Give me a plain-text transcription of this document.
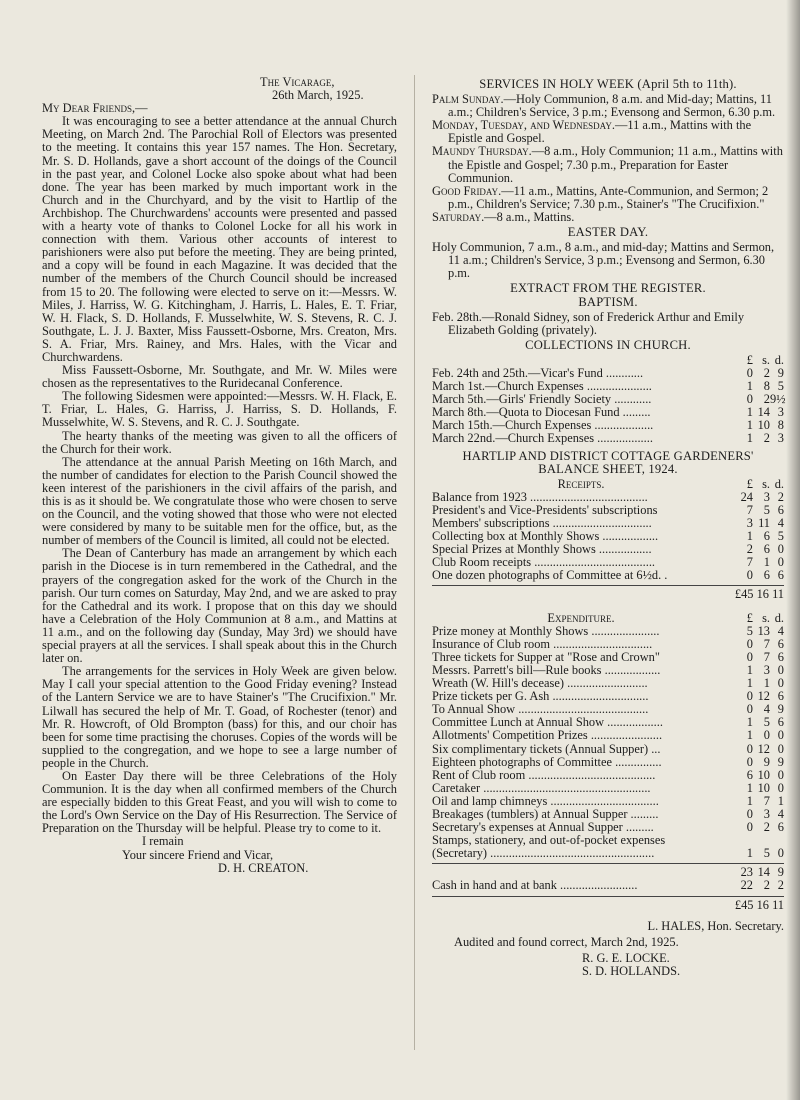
The Vicarage,

26th March, 1925.

My Dear Friends,—

It was encouraging to see a better attendance at the annual Church Meeting, on March 2nd. The Parochial Roll of Electors was presented to the meeting. It contains this year 157 names. The Hon. Secretary, Mr. S. D. Hollands, gave a short account of the doings of the Council in the past year, and Colonel Locke also spoke about what had been done. The year has been marked by much important work in the Church and in the Churchyard, and by the visit to Hartlip of the Archbishop. The Churchwardens' accounts were presented and passed with a hearty vote of thanks to Colonel Locke for all his work in connection with them. Various other accounts of interest to parishioners were also put before the meeting. They are being printed, and a copy will be found in each Magazine. It was decided that the number of the members of the Church Council should be increased from 15 to 20. The following were elected to serve on it:—Messrs. W. Miles, J. Harriss, W. G. Kitchingham, J. Harris, L. Hales, E. T. Friar, W. H. Flack, S. D. Hollands, F. Musselwhite, W. S. Stevens, R. C. J. Southgate, L. J. J. Baxter, Miss Faussett-Osborne, Mrs. Creaton, Mrs. S. A. Friar, Mrs. Rainey, and Mrs. Hales, with the Vicar and Churchwardens.

Miss Faussett-Osborne, Mr. Southgate, and Mr. W. Miles were chosen as the representatives to the Ruridecanal Conference.

The following Sidesmen were appointed:—Messrs. W. H. Flack, E. T. Friar, L. Hales, G. Harriss, J. Harriss, S. D. Hollands, F. Musselwhite, W. S. Stevens, and R. C. J. Southgate.

The hearty thanks of the meeting was given to all the officers of the Church for their work.

The attendance at the annual Parish Meeting on 16th March, and the number of candidates for election to the Parish Council showed the keen interest of the parishioners in the civil affairs of the parish, and this is as it should be. We congratulate those who were chosen to serve on the Council, and the voting showed that those who were not elected were considered by many to be suitable men for the office, but, as the number of members of the Council is limited, all could not be elected.

The Dean of Canterbury has made an arrangement by which each parish in the Diocese is in turn remembered in the Cathedral, and the prayers of the congregation asked for the work of the Church in the parish. Our turn comes on Saturday, May 2nd, and we are asked to pray for the Cathedral and its work. I propose that on this day we should have a Celebration of the Holy Communion at 8 a.m., and Mattins at 11 a.m., and on the following day (Sunday, May 3rd) we should have special prayers at all the services. I shall speak about this in the Church later on.

The arrangements for the services in Holy Week are given below. May I call your special attention to the Good Friday evening? Instead of the Lantern Service we are to have Stainer's "The Crucifixion." Mr. Lilwall has secured the help of Mr. T. Goad, of Rochester (tenor) and Mr. R. Howcroft, of Old Brompton (bass) for this, and our choir has been for some time practising the choruses. Copies of the words will be supplied to the congregation, and we hope to see a large number of people in the Church.

On Easter Day there will be three Celebrations of the Holy Communion. It is the day when all confirmed members of the Church are especially bidden to this Great Feast, and you will wish to come to the Lord's Own Service on the Day of His Resurrection. The Service of Preparation on the Thursday will be helpful. Please try to come to it.

I remain

Your sincere Friend and Vicar,

D. H. CREATON.

SERVICES IN HOLY WEEK (April 5th to 11th).

Palm Sunday.—Holy Communion, 8 a.m. and Mid-day; Mattins, 11 a.m.; Children's Service, 3 p.m.; Evensong and Sermon, 6.30 p.m.

Monday, Tuesday, and Wednesday.—11 a.m., Mattins with the Epistle and Gospel.

Maundy Thursday.—8 a.m., Holy Communion; 11 a.m., Mattins with the Epistle and Gospel; 7.30 p.m., Preparation for Easter Communion.

Good Friday.—11 a.m., Mattins, Ante-Communion, and Sermon; 2 p.m., Children's Service; 7.30 p.m., Stainer's "The Crucifixion."

Saturday.—8 a.m., Mattins.

EASTER DAY.

Holy Communion, 7 a.m., 8 a.m., and mid-day; Mattins and Sermon, 11 a.m.; Children's Service, 3 p.m.; Evensong and Sermon, 6.30 p.m.

EXTRACT FROM THE REGISTER.
BAPTISM.

Feb. 28th.—Ronald Sidney, son of Frederick Arthur and Emily Elizabeth Golding (privately).

COLLECTIONS IN CHURCH.
£ s. d.
Feb. 24th and 25th.—Vicar's Fund ............	0 2 9
March 1st.—Church Expenses .....................	1 8 5
March 5th.—Girls' Friendly Society ............	0 2 9½
March 8th.—Quota to Diocesan Fund .........	1 14 3
March 15th.—Church Expenses ...................	1 10 8
March 22nd.—Church Expenses ..................	1 2 3
HARTLIP AND DISTRICT COTTAGE GARDENERS'
BALANCE SHEET, 1924.
Receipts.	£ s. d.
Balance from 1923 ......................................	24 3 2
President's and Vice-Presidents' subscriptions	7 5 6
Members' subscriptions ................................	3 11 4
Collecting box at Monthly Shows ..................	1 6 5
Special Prizes at Monthly Shows .................	2 6 0
Club Room receipts .......................................	7 1 0
One dozen photographs of Committee at 6½d. .	0 6 6
£45 16 11
Expenditure.	£ s. d.
Prize money at Monthly Shows ......................	5 13 4
Insurance of Club room ................................	0 7 6
Three tickets for Supper at "Rose and Crown"	0 7 6
Messrs. Parrett's bill—Rule books ..................	1 3 0
Wreath (W. Hill's decease) ..........................	1 1 0
Prize tickets per G. Ash ...............................	0 12 6
To Annual Show ..........................................	0 4 9
Committee Lunch at Annual Show ..................	1 5 6
Allotments' Competition Prizes .......................	1 0 0
Six complimentary tickets (Annual Supper) ...	0 12 0
Eighteen photographs of Committee ...............	0 9 9
Rent of Club room .........................................	6 10 0
Caretaker ......................................................	1 10 0
Oil and lamp chimneys ...................................	1 7 1
Breakages (tumblers) at Annual Supper .........	0 3 4
Secretary's expenses at Annual Supper .........	0 2 6
Stamps, stationery, and out-of-pocket expenses
(Secretary) .....................................................	1 5 0
23 14 9
Cash in hand and at bank .........................	22 2 2
£45 16 11

L. HALES, Hon. Secretary.

Audited and found correct, March 2nd, 1925.

R. G. E. LOCKE.

S. D. HOLLANDS.
